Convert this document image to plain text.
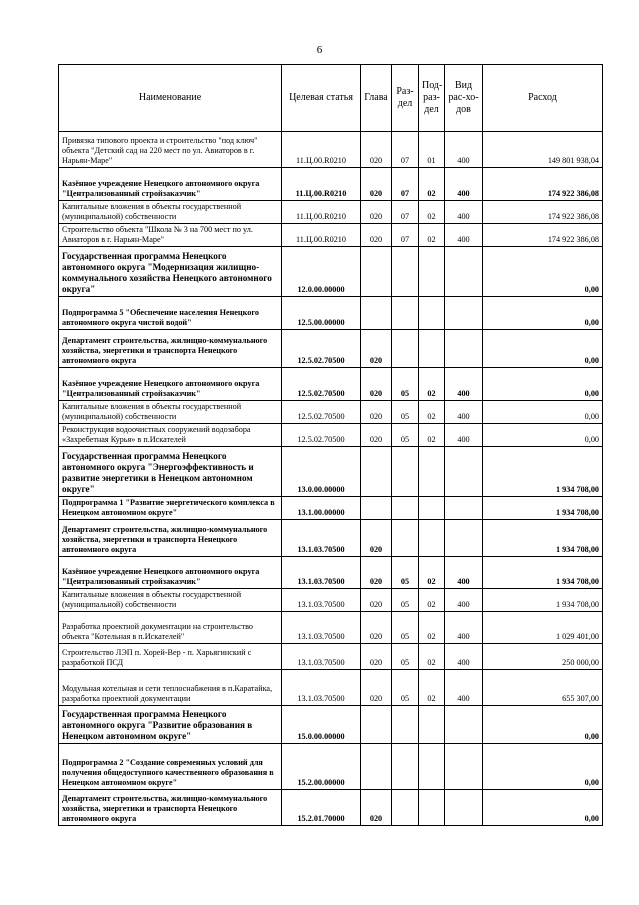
6
Наименование	Целевая статья	Глава	Раз-дел	Под-раз-дел	Вид рас-хо-дов	Расход
Привязка типового проекта и строительство "под ключ" объекта "Детский сад на 220 мест по ул. Авиаторов в г. Нарьян-Маре"	11.Ц.00.R0210	020	07	01	400	149 801 938,04
Казённое учреждение Ненецкого автономного округа "Централизованный стройзаказчик"	11.Ц.00.R0210	020	07	02	400	174 922 386,08
Капитальные вложения в объекты государственной (муниципальной) собственности	11.Ц.00.R0210	020	07	02	400	174 922 386,08
Строительство объекта "Школа № 3 на 700 мест по ул. Авиаторов в г. Нарьян-Маре"	11.Ц.00.R0210	020	07	02	400	174 922 386,08
Государственная программа Ненецкого автономного округа "Модернизация жилищно-коммунального хозяйства Ненецкого автономного округа"	12.0.00.00000					0,00
Подпрограмма 5 "Обеспечение населения Ненецкого автономного округа чистой водой"	12.5.00.00000					0,00
Департамент строительства, жилищно-коммунального хозяйства, энергетики и транспорта Ненецкого автономного округа	12.5.02.70500	020				0,00
Казённое учреждение Ненецкого автономного округа "Централизованный стройзаказчик"	12.5.02.70500	020	05	02	400	0,00
Капитальные вложения в объекты государственной (муниципальной) собственности	12.5.02.70500	020	05	02	400	0,00
Реконструкция водоочистных сооружений водозабора «Захребетная Курья» в п.Искателей	12.5.02.70500	020	05	02	400	0,00
Государственная программа Ненецкого автономного округа "Энергоэффективность и развитие энергетики в Ненецком автономном округе"	13.0.00.00000					1 934 708,00
Подпрограмма 1 "Развитие энергетического комплекса в Ненецком автономном округе"	13.1.00.00000					1 934 708,00
Департамент строительства, жилищно-коммунального хозяйства, энергетики и транспорта Ненецкого автономного округа	13.1.03.70500	020				1 934 708,00
Казённое учреждение Ненецкого автономного округа "Централизованный стройзаказчик"	13.1.03.70500	020	05	02	400	1 934 708,00
Капитальные вложения в объекты государственной (муниципальной) собственности	13.1.03.70500	020	05	02	400	1 934 708,00
Разработка проектной документации на строительство объекта "Котельная в п.Искателей"	13.1.03.70500	020	05	02	400	1 029 401,00
Строительство ЛЭП п. Хорей-Вер - п. Харьягинский с разработкой ПСД	13.1.03.70500	020	05	02	400	250 000,00
Модульная котельная и сети теплоснабжения в п.Каратайка, разработка проектной документации	13.1.03.70500	020	05	02	400	655 307,00
Государственная программа Ненецкого автономного округа "Развитие образования в Ненецком автономном округе"	15.0.00.00000					0,00
Подпрограмма 2 "Создание современных условий для получения общедоступного качественного образования в Ненецком автономном округе"	15.2.00.00000					0,00
Департамент строительства, жилищно-коммунального хозяйства, энергетики и транспорта Ненецкого автономного округа	15.2.01.70000	020				0,00
